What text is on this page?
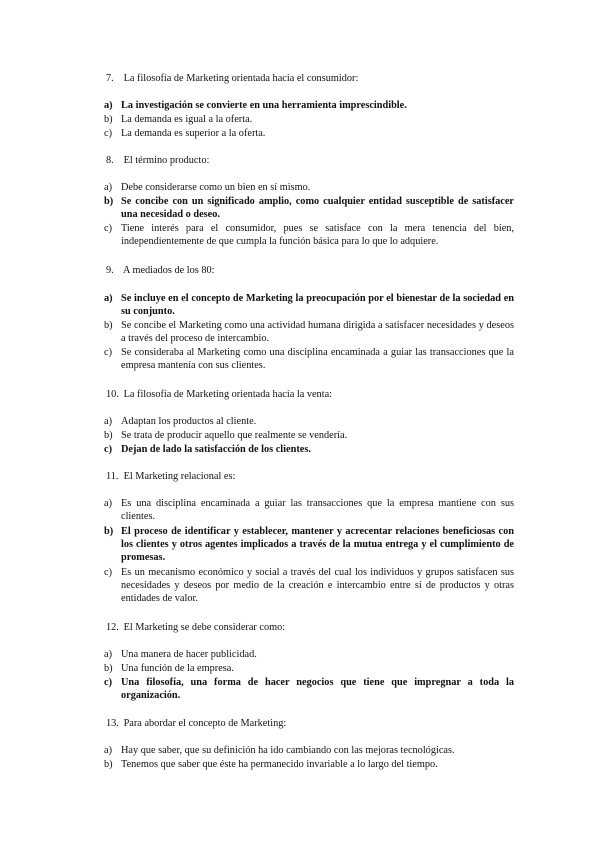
7. La filosofía de Marketing orientada hacia el consumidor:
a) La investigación se convierte en una herramienta imprescindible.
b) La demanda es igual a la oferta.
c) La demanda es superior a la oferta.
8. El término producto:
a) Debe considerarse como un bien en sí mismo.
b) Se concibe con un significado amplio, como cualquier entidad susceptible de satisfacer una necesidad o deseo.
c) Tiene interés para el consumidor, pues se satisface con la mera tenencia del bien, independientemente de que cumpla la función básica para lo que lo adquiere.
9. A mediados de los 80:
a) Se incluye en el concepto de Marketing la preocupación por el bienestar de la sociedad en su conjunto.
b) Se concibe el Marketing como una actividad humana dirigida a satisfacer necesidades y deseos a través del proceso de intercambio.
c) Se consideraba al Marketing como una disciplina encaminada a guiar las transacciones que la empresa mantenía con sus clientes.
10. La filosofía de Marketing orientada hacia la venta:
a) Adaptan los productos al cliente.
b) Se trata de producir aquello que realmente se vendería.
c) Dejan de lado la satisfacción de los clientes.
11. El Marketing relacional es:
a) Es una disciplina encaminada a guiar las transacciones que la empresa mantiene con sus clientes.
b) El proceso de identificar y establecer, mantener y acrecentar relaciones beneficiosas con los clientes y otros agentes implicados a través de la mutua entrega y el cumplimiento de promesas.
c) Es un mecanismo económico y social a través del cual los individuos y grupos satisfacen sus necesidades y deseos por medio de la creación e intercambio entre sí de productos y otras entidades de valor.
12. El Marketing se debe considerar como:
a) Una manera de hacer publicidad.
b) Una función de la empresa.
c) Una filosofía, una forma de hacer negocios que tiene que impregnar a toda la organización.
13. Para abordar el concepto de Marketing:
a) Hay que saber, que su definición ha ido cambiando con las mejoras tecnológicas.
b) Tenemos que saber que éste ha permanecido invariable a lo largo del tiempo.
